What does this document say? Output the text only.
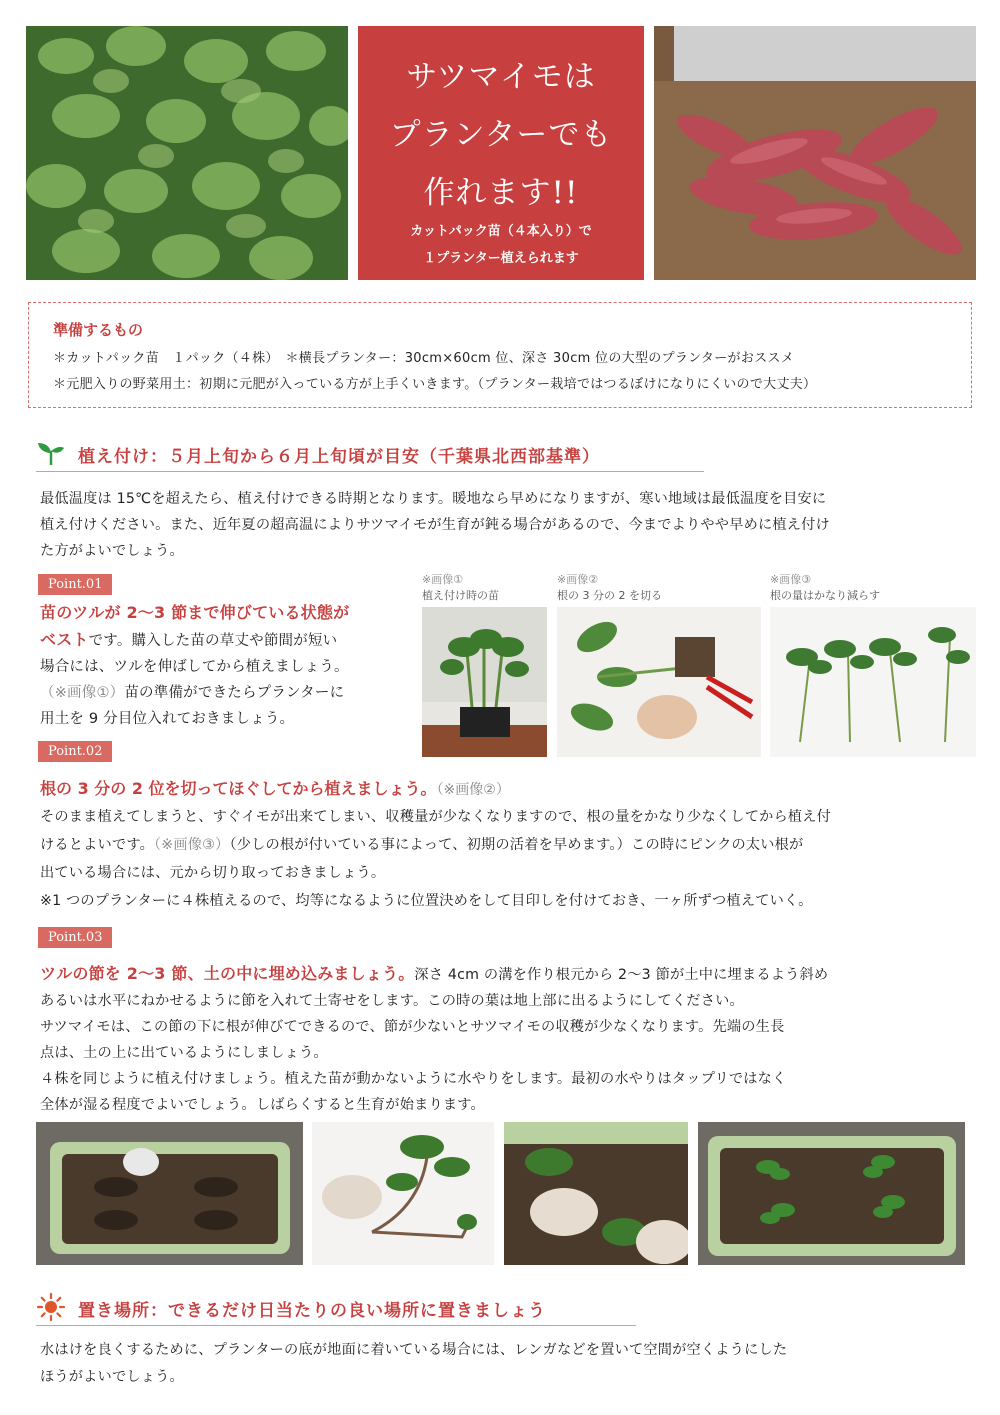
サツマイモは
プランターでも
作れます!!
カットパック苗（４本入り）で
１プランター植えられます
準備するもの
＊カットパック苗　１パック（４株）　＊横長プランター：30cm×60cm 位、深さ 30cm 位の大型のプランターがおススメ
＊元肥入りの野菜用土：初期に元肥が入っている方が上手くいきます。（プランター栽培ではつるぼけになりにくいので大丈夫）
植え付け：５月上旬から６月上旬頃が目安（千葉県北西部基準）
最低温度は 15℃を超えたら、植え付けできる時期となります。暖地なら早めになりますが、寒い地域は最低温度を目安に
植え付けください。また、近年夏の超高温によりサツマイモが生育が鈍る場合があるので、今までよりやや早めに植え付け
た方がよいでしょう。
Point.01
苗のツルが 2〜3 節まで伸びている状態が
ベストです。購入した苗の草丈や節間が短い
場合には、ツルを伸ばしてから植えましょう。
（※画像①）苗の準備ができたらプランターに
用土を 9 分目位入れておきましょう。
※画像①
植え付け時の苗
※画像②
根の 3 分の 2 を切る
※画像③
根の量はかなり減らす
Point.02
根の 3 分の 2 位を切ってほぐしてから植えましょう。（※画像②）
そのまま植えてしまうと、すぐイモが出来てしまい、収穫量が少なくなりますので、根の量をかなり少なくしてから植え付
けるとよいです。（※画像③）（少しの根が付いている事によって、初期の活着を早めます。）この時にピンクの太い根が
出ている場合には、元から切り取っておきましょう。
※1 つのプランターに４株植えるので、均等になるように位置決めをして目印しを付けておき、一ヶ所ずつ植えていく。
Point.03
ツルの節を 2〜3 節、土の中に埋め込みましょう。深さ 4cm の溝を作り根元から 2〜3 節が土中に埋まるよう斜め
あるいは水平にねかせるように節を入れて土寄せをします。この時の葉は地上部に出るようにしてください。
サツマイモは、この節の下に根が伸びてできるので、節が少ないとサツマイモの収穫が少なくなります。先端の生長
点は、土の上に出ているようにしましょう。
４株を同じように植え付けましょう。植えた苗が動かないように水やりをします。最初の水やりはタップリではなく
全体が湿る程度でよいでしょう。しばらくすると生育が始まります。
置き場所：できるだけ日当たりの良い場所に置きましょう
水はけを良くするために、プランターの底が地面に着いている場合には、レンガなどを置いて空間が空くようにした
ほうがよいでしょう。
